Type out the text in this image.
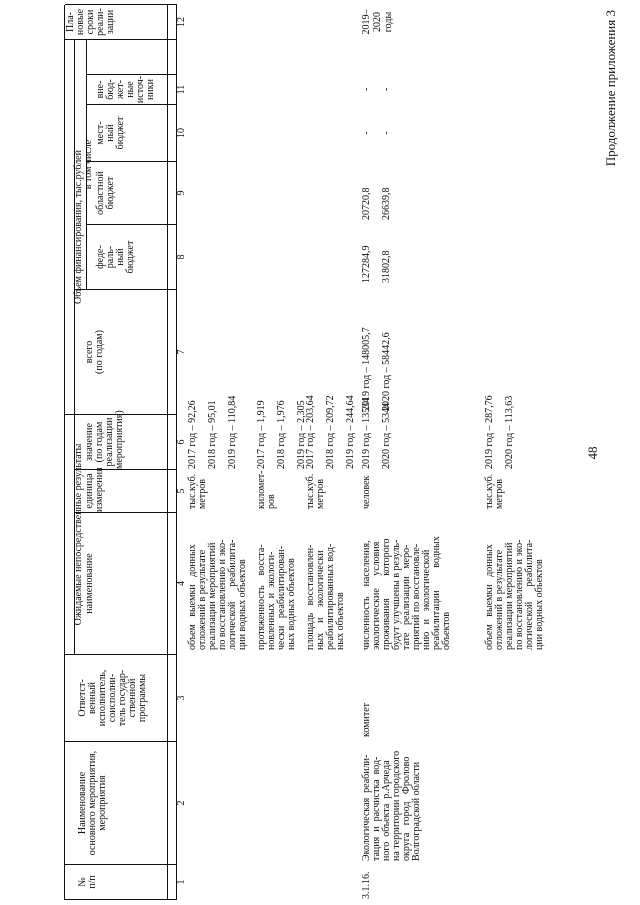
48
Продолжение приложения 3
№
п/п
Наименование
основного мероприятия,
мероприятия
Ответст-
венный
исполнитель,
соисполни-
тель государ-
ственной
программы
Ожидаемые непосредственные результаты наименование
единица
измерения
значение
(по годам
реализации
мероприятия)
Объем финансирования, тыс.рублей
всего
(по годам)
в том числе
феде-
раль-
ный
бюджет
областной
бюджет
мест-
ный
бюджет
вне-
бюд-
жет-
ные
источ-
ники
Пла-
новые
сроки
реали-
зации
1
2
3
4
5
6
7
8
9
10
11
12
объем   выемки   донных
отложений в результате
реализации мероприятий
по восстановлению и эко-
логической      реабилита-
ции водных объектов
тыс.куб.
метров
2017 год – 92,26

2018 год – 95,01

2019 год – 110,84
протяженность    восста-
новленных  и  экологи-
чески   реабилитирован-
ных водных объектов
километ-
ров
2017 год – 1,919

2018 год – 1,976

2019 год – 2,305
площадь   восстановлен-
ных    и    экологически
реабилитированных вод-
ных объектов
тыс.куб.
метров
2017 год – 203,64

2018 год – 209,72

2019 год – 244,64
3.1.16.
Экологическая  реабили-
тация  и  расчистка  вод-
ного  объекта  р.Арчеда
на территории городского
округа   город   Фролово
Волгоградской области
комитет
численность    населения,
экологические     условия
проживания         которого
будут улучшены в резуль-
тате   реализации   меро-
приятий по восстановле-
нию   и   экологической
реабилитации         водных
объектов
человек
2019 год – 13534

2020 год – 5344
2019 год – 148005,7

2020 год – 58442,6
127284,9

31802,8
20720,8

26639,8
-

-
-

-
2019– 2020 годы
объем   выемки   донных
отложений в результате
реализации мероприятий
по восстановлению и эко-
логической      реабилита-
ции водных объектов
тыс.куб.
метров
2019 год – 287,76

2020 год – 113,63
